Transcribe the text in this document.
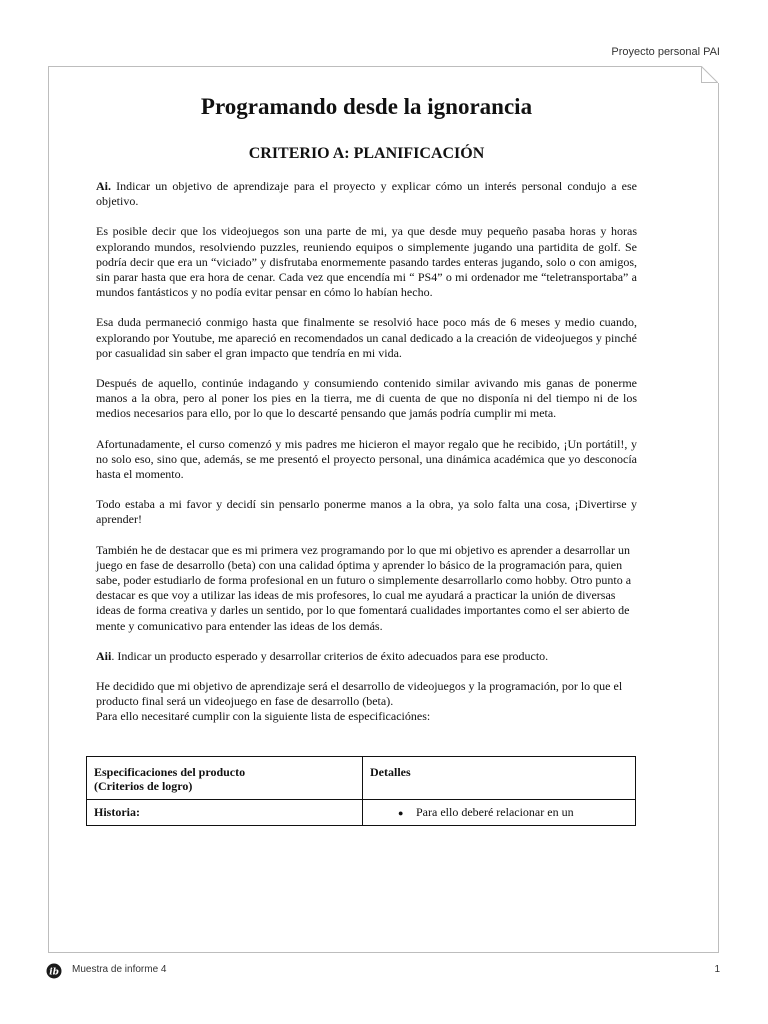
Proyecto personal PAI
Programando desde la ignorancia
CRITERIO A: PLANIFICACIÓN

Ai. Indicar un objetivo de aprendizaje para el proyecto y explicar cómo un interés personal condujo a ese objetivo.

Es posible decir que los videojuegos son una parte de mi, ya que desde muy pequeño pasaba horas y horas explorando mundos, resolviendo puzzles, reuniendo equipos o simplemente jugando una partidita de golf. Se podría decir que era un “viciado” y disfrutaba enormemente pasando tardes enteras jugando, solo o con amigos, sin parar hasta que era hora de cenar. Cada vez que encendía mi “ PS4” o mi ordenador me “teletransportaba” a mundos fantásticos y no podía evitar pensar en cómo lo habían hecho.

Esa duda permaneció conmigo hasta que finalmente se resolvió hace poco más de 6 meses y medio cuando, explorando por Youtube, me apareció en recomendados un canal dedicado a la creación de videojuegos y pinché por casualidad sin saber el gran impacto que tendría en mi vida.

Después de aquello, continúe indagando y consumiendo contenido similar avivando mis ganas de ponerme manos a la obra, pero al poner los pies en la tierra, me di cuenta de que no disponía ni del tiempo ni de los medios necesarios para ello, por lo que lo descarté pensando que jamás podría cumplir mi meta.

Afortunadamente, el curso comenzó y mis padres me hicieron el mayor regalo que he recibido, ¡Un portátil!, y no solo eso, sino que, además, se me presentó el proyecto personal, una dinámica académica que yo desconocía hasta el momento.

Todo estaba a mi favor y decidí sin pensarlo ponerme manos a la obra, ya solo falta una cosa, ¡Divertirse y aprender!

También he de destacar que es mi primera vez programando por lo que mi objetivo es aprender a desarrollar un juego en fase de desarrollo (beta) con una calidad óptima y aprender lo básico de la programación para, quien sabe, poder estudiarlo de forma profesional en un futuro o simplemente desarrollarlo como hobby. Otro punto a destacar es que voy a utilizar las ideas de mis profesores, lo cual me ayudará a practicar la unión de diversas ideas de forma creativa y darles un sentido, por lo que fomentará cualidades importantes como el ser abierto de mente y comunicativo para entender las ideas de los demás.

Aii. Indicar un producto esperado y desarrollar criterios de éxito adecuados para ese producto.

He decidido que mi objetivo de aprendizaje será el desarrollo de videojuegos y la programación, por lo que el producto final será un videojuego en fase de desarrollo (beta).

Para ello necesitaré cumplir con la siguiente lista de especificaciónes:

Especificaciones del producto
(Criterios de logro)	Detalles
Historia:	● Para ello deberé relacionar en un
ib Muestra de informe 4	1
